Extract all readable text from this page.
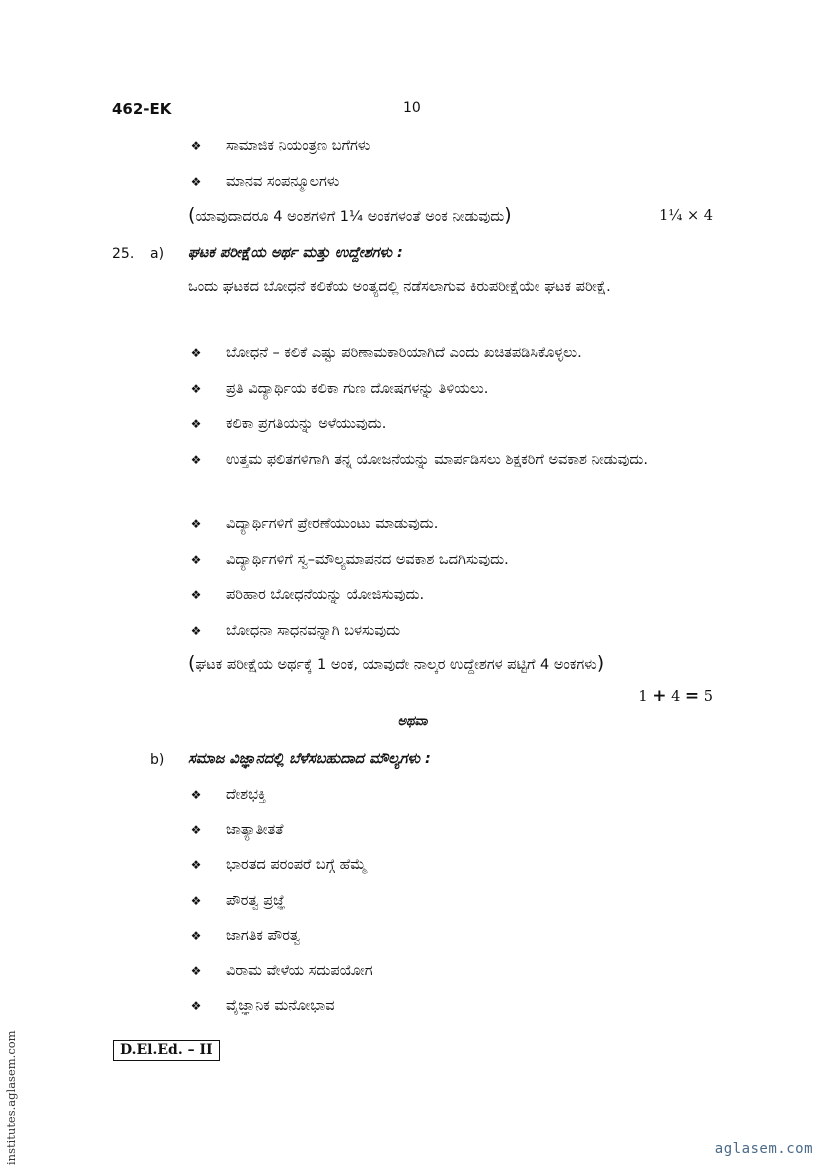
462-EK	10
❖ ಸಾಮಾಜಿಕ ನಿಯಂತ್ರಣ ಬಗೆಗಳು
❖ ಮಾನವ ಸಂಪನ್ಮೂಲಗಳು
(ಯಾವುದಾದರೂ 4 ಅಂಶಗಳಿಗೆ 1¼ ಅಂಕಗಳಂತೆ ಅಂಕ ನೀಡುವುದು)	1¼ × 4
25. a) ಘಟಕ ಪರೀಕ್ಷೆಯ ಅರ್ಥ ಮತ್ತು ಉದ್ದೇಶಗಳು :
ಒಂದು ಘಟಕದ ಬೋಧನೆ ಕಲಿಕೆಯ ಅಂತ್ಯದಲ್ಲಿ ನಡೆಸಲಾಗುವ ಕಿರುಪರೀಕ್ಷೆಯೇ ಘಟಕ ಪರೀಕ್ಷೆ.
❖ ಬೋಧನೆ – ಕಲಿಕೆ ಎಷ್ಟು ಪರಿಣಾಮಕಾರಿಯಾಗಿದೆ ಎಂದು ಖಚಿತಪಡಿಸಿಕೊಳ್ಳಲು.
❖ ಪ್ರತಿ ವಿದ್ಯಾರ್ಥಿಯ ಕಲಿಕಾ ಗುಣ ದೋಷಗಳನ್ನು ತಿಳಿಯಲು.
❖ ಕಲಿಕಾ ಪ್ರಗತಿಯನ್ನು ಅಳೆಯುವುದು.
❖ ಉತ್ತಮ ಫಲಿತಗಳಿಗಾಗಿ ತನ್ನ ಯೋಜನೆಯನ್ನು ಮಾರ್ಪಡಿಸಲು ಶಿಕ್ಷಕರಿಗೆ ಅವಕಾಶ ನೀಡುವುದು.
❖ ವಿದ್ಯಾರ್ಥಿಗಳಿಗೆ ಪ್ರೇರಣೆಯುಂಟು ಮಾಡುವುದು.
❖ ವಿದ್ಯಾರ್ಥಿಗಳಿಗೆ ಸ್ವ–ಮೌಲ್ಯಮಾಪನದ ಅವಕಾಶ ಒದಗಿಸುವುದು.
❖ ಪರಿಹಾರ ಬೋಧನೆಯನ್ನು ಯೋಜಿಸುವುದು.
❖ ಬೋಧನಾ ಸಾಧನವನ್ನಾಗಿ ಬಳಸುವುದು
(ಘಟಕ ಪರೀಕ್ಷೆಯ ಅರ್ಥಕ್ಕೆ 1 ಅಂಕ, ಯಾವುದೇ ನಾಲ್ಕರ ಉದ್ದೇಶಗಳ ಪಟ್ಟಿಗೆ 4 ಅಂಕಗಳು)
1 + 4 = 5
ಅಥವಾ
b) ಸಮಾಜ ವಿಜ್ಞಾನದಲ್ಲಿ ಬೆಳೆಸಬಹುದಾದ ಮೌಲ್ಯಗಳು :
❖ ದೇಶಭಕ್ತಿ
❖ ಜಾತ್ಯಾತೀತತೆ
❖ ಭಾರತದ ಪರಂಪರೆ ಬಗ್ಗೆ ಹೆಮ್ಮೆ
❖ ಪೌರತ್ವ ಪ್ರಜ್ಞೆ
❖ ಜಾಗತಿಕ ಪೌರತ್ವ
❖ ವಿರಾಮ ವೇಳೆಯ ಸದುಪಯೋಗ
❖ ವೈಜ್ಞಾನಿಕ ಮನೋಭಾವ
D.El.Ed. – II
institutes.aglasem.com	aglasem.com
